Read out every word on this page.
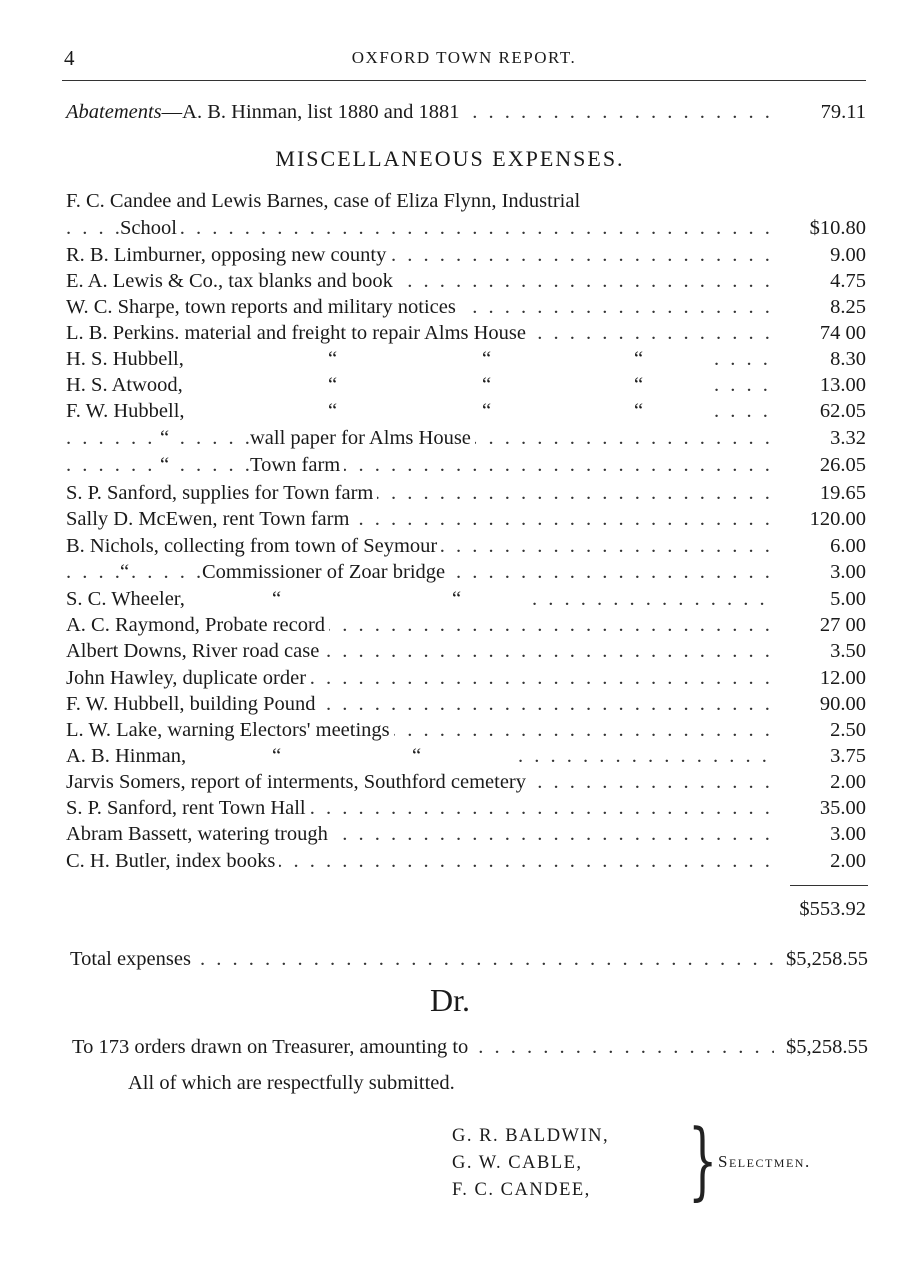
4	OXFORD TOWN REPORT.
. . .
Abatements—A. B. Hinman, list 1880 and 1881	79.11
MISCELLANEOUS EXPENSES.
F. C. Candee and Lewis Barnes, case of Eliza Flynn, Industrial
. . .
School	$10.80
. . .
R. B. Limburner, opposing new county	9.00
. . .
E. A. Lewis & Co., tax blanks and book	4.75
. . .
W. C. Sharpe, town reports and military notices	8.25
. . .
L. B. Perkins. material and freight to repair Alms House	74 00
. . .
H. S. Hubbell,	“	“	“	8.30
. . .
H. S. Atwood,	“	“	“	13.00
. . .
F. W. Hubbell,	“	“	“	62.05
. . .
“	wall paper for Alms House	3.32
. . .
“	Town farm	26.05
. . .
S. P. Sanford, supplies for Town farm	19.65
. . .
Sally D. McEwen, rent Town farm	120.00
. . .
B. Nichols, collecting from town of Seymour	6.00
. . .
“	Commissioner of Zoar bridge	3.00
. . .
S. C. Wheeler,	“	“	5.00
. . .
A. C. Raymond, Probate record	27 00
. . .
Albert Downs, River road case	3.50
. . .
John Hawley, duplicate order	12.00
. . .
F. W. Hubbell, building Pound	90.00
. . .
L. W. Lake, warning Electors' meetings	2.50
. . .
A. B. Hinman,	“	“	3.75
. . .
Jarvis Somers, report of interments, Southford cemetery	2.00
. . .
S. P. Sanford, rent Town Hall	35.00
. . .
Abram Bassett, watering trough	3.00
. . .
C. H. Butler, index books	2.00
$553.92
. . .
Total expenses	$5,258.55
Dr.
. . .
To 173 orders drawn on Treasurer, amounting to	$5,258.55
All of which are respectfully submitted.
G. R. BALDWIN,
G. W. CABLE,
F. C. CANDEE, } Selectmen.
